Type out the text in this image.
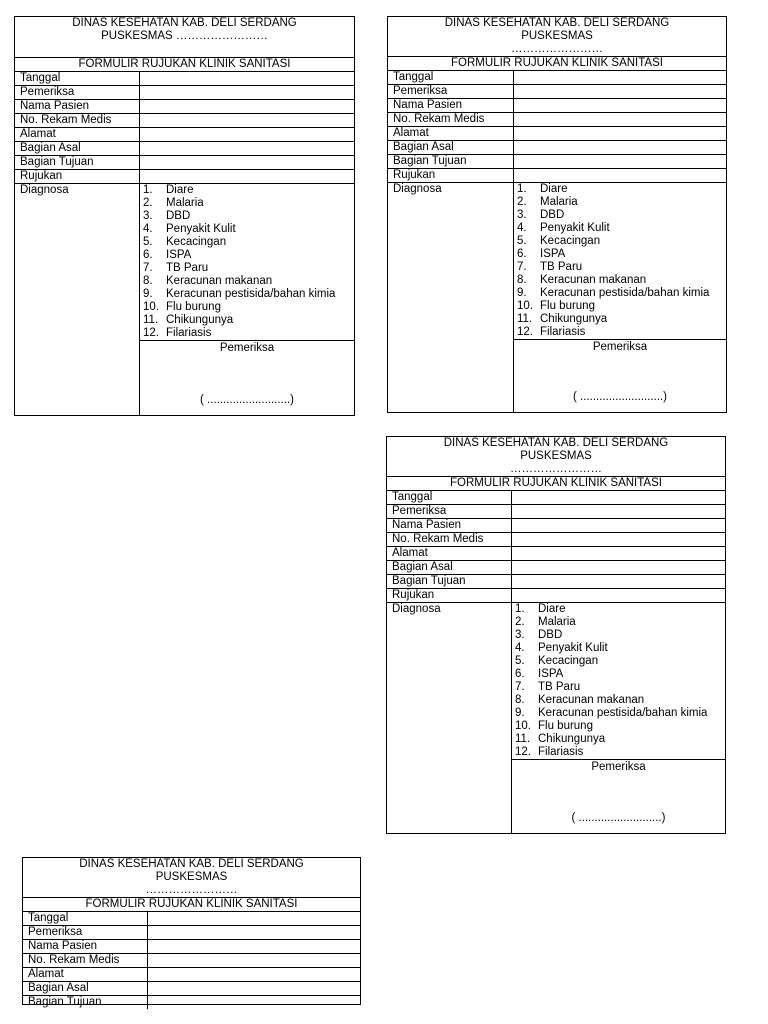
DINAS KESEHATAN KAB. DELI SERDANG
PUSKESMAS ……………………
FORMULIR RUJUKAN KLINIK SANITASI
Tanggal
Pemeriksa
Nama Pasien
No. Rekam Medis
Alamat
Bagian Asal
Bagian Tujuan
Rujukan
Diagnosa	1.	Diare
2.	Malaria
3.	DBD
4.	Penyakit Kulit
5.	Kecacingan
6.	ISPA
7.	TB Paru
8.	Keracunan makanan
9.	Keracunan pestisida/bahan kimia
10. Flu burung
11. Chikungunya
12. Filariasis
Pemeriksa
( ..........................)
DINAS KESEHATAN KAB. DELI SERDANG
PUSKESMAS
……………………
FORMULIR RUJUKAN KLINIK SANITASI
Tanggal
Pemeriksa
Nama Pasien
No. Rekam Medis
Alamat
Bagian Asal
Bagian Tujuan
Rujukan
Diagnosa	1.	Diare
2.	Malaria
3.	DBD
4.	Penyakit Kulit
5.	Kecacingan
6.	ISPA
7.	TB Paru
8.	Keracunan makanan
9.	Keracunan pestisida/bahan kimia
10. Flu burung
11. Chikungunya
12. Filariasis
Pemeriksa
( ..........................)
DINAS KESEHATAN KAB. DELI SERDANG
PUSKESMAS
……………………
FORMULIR RUJUKAN KLINIK SANITASI
Tanggal
Pemeriksa
Nama Pasien
No. Rekam Medis
Alamat
Bagian Asal
Bagian Tujuan
Rujukan
Diagnosa	1.	Diare
2.	Malaria
3.	DBD
4.	Penyakit Kulit
5.	Kecacingan
6.	ISPA
7.	TB Paru
8.	Keracunan makanan
9.	Keracunan pestisida/bahan kimia
10. Flu burung
11. Chikungunya
12. Filariasis
Pemeriksa
( ..........................)
DINAS KESEHATAN KAB. DELI SERDANG
PUSKESMAS
……………………
FORMULIR RUJUKAN KLINIK SANITASI
Tanggal
Pemeriksa
Nama Pasien
No. Rekam Medis
Alamat
Bagian Asal
Bagian Tujuan
